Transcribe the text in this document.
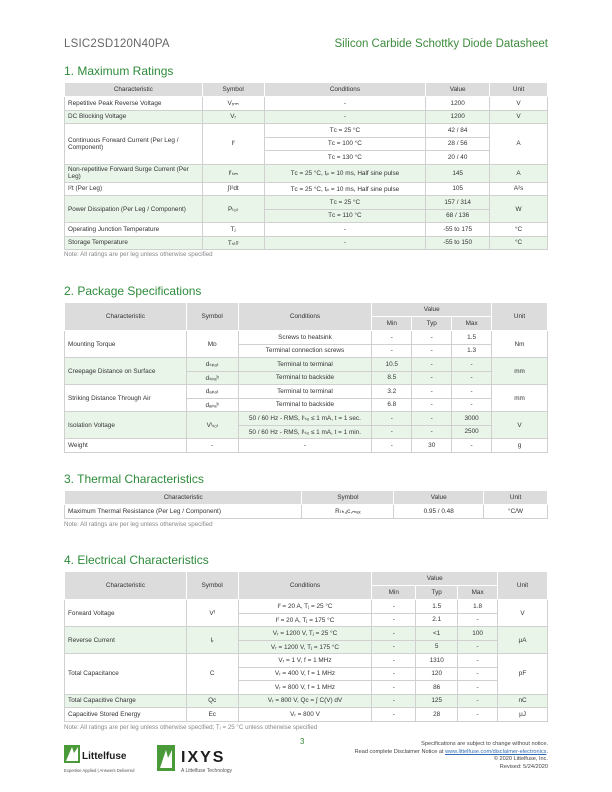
LSIC2SD120N40PA	Silicon Carbide Schottky Diode Datasheet
1. Maximum Ratings
Characteristic	Symbol	Conditions	Value	Unit
Repetitive Peak Reverse Voltage	Vᵣᵣₘ	-	1200	V
DC Blocking Voltage	Vᵣ	-	1200	V
Continuous Forward Current (Per Leg / Component)	Iᶠ	Tᴄ = 25 °C	42 / 84	A
		Tᴄ = 100 °C	28 / 56	
		Tᴄ = 130 °C	20 / 40	
Non-repetitive Forward Surge Current (Per Leg)	Iᶠₛₘ	Tᴄ = 25 °C, tₚ = 10 ms, Half sine pulse	145	A
I²t (Per Leg)	∫I²dt	Tᴄ = 25 °C, tₚ = 10 ms, Half sine pulse	105	A²s
Power Dissipation (Per Leg / Component)	Pₜₒₜ	Tᴄ = 25 °C	157 / 314	W
		Tᴄ = 110 °C	68 / 136	
Operating Junction Temperature	Tⱼ	-	-55 to 175	°C
Storage Temperature	Tₛₜᵍ	-	-55 to 150	°C
Note: All ratings are per leg unless otherwise specified
2. Package Specifications
Characteristic	Symbol	Conditions	Value			Unit
			Min	Typ	Max	
Mounting Torque	Mᴅ	Screws to heatsink	-	-	1.5	Nm
		Terminal connection screws	-	-	1.3	
Creepage Distance on Surface	dₛₚₐₜ	Terminal to terminal	10.5	-	-	mm
	dₛₚₐᵇ	Terminal to backside	8.5	-	-	
Striking Distance Through Air	dₐₚₐₜ	Terminal to terminal	3.2	-	-	mm
	dₐₚₐᵇ	Terminal to backside	6.8	-	-	
Isolation Voltage	Vᴵₛₒₗ	50 / 60 Hz - RMS, Iᴵₛₒ ≤ 1 mA, t = 1 sec.	-	-	3000	V
		50 / 60 Hz - RMS, Iᴵₛₒ ≤ 1 mA, t = 1 min.	-	-	2500	
Weight	-	-	-	30	-	g
3. Thermal Characteristics
Characteristic	Symbol	Value	Unit
Maximum Thermal Resistance (Per Leg / Component)	Rₜₕ,ⱼᴄ,ₘₐₓ	0.95 / 0.48	°C/W
Note: All ratings are per leg unless otherwise specified
4. Electrical Characteristics
Characteristic	Symbol	Conditions	Value			Unit
			Min	Typ	Max	
Forward Voltage	Vᶠ	Iᶠ = 20 A, Tⱼ = 25 °C	-	1.5	1.8	V
		Iᶠ = 20 A, Tⱼ = 175 °C	-	2.1	-	
Reverse Current	Iᵣ	Vᵣ = 1200 V, Tⱼ = 25 °C	-	<1	100	µA
		Vᵣ = 1200 V, Tⱼ = 175 °C	-	5	-	
Total Capacitance	C	Vᵣ = 1 V, f = 1 MHz	-	1310	-	pF
		Vᵣ = 400 V, f = 1 MHz	-	120	-	
		Vᵣ = 800 V, f = 1 MHz	-	86	-	
Total Capacitive Charge	Qᴄ	Vᵣ = 800 V, Qᴄ = ∫ C(V) dV	-	125	-	nC
Capacitive Stored Energy	Eᴄ	Vᵣ = 800 V	-	28	-	µJ
Note: All ratings are per leg unless otherwise specified; Tⱼ = 25 °C unless otherwise specified
3
Littelfuse
Expertise Applied | Answers Delivered
IXYS
A Littelfuse Technology
Specifications are subject to change without notice.
Read complete Disclaimer Notice at www.littelfuse.com/disclaimer-electronics.
© 2020 Littelfuse, Inc.
Revised: 5/24/2020
